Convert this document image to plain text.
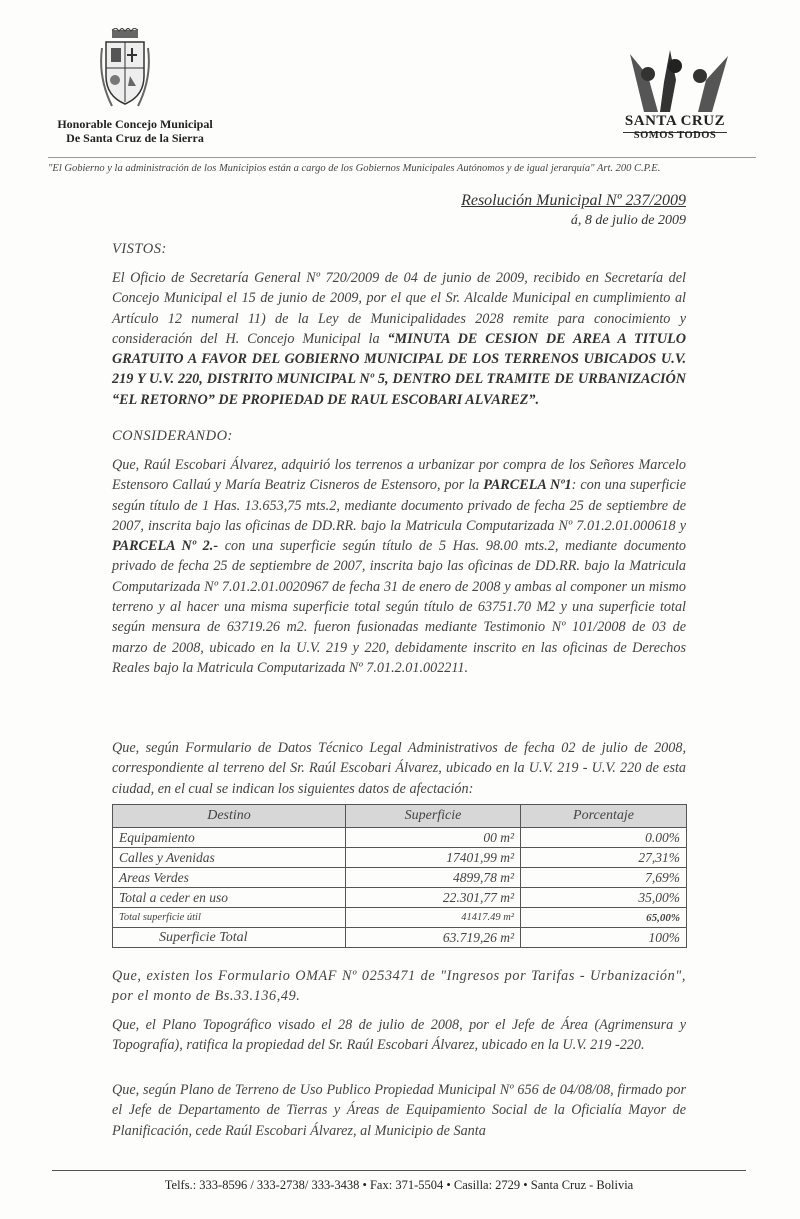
Honorable Concejo Municipal
De Santa Cruz de la Sierra
SANTA CRUZ
SOMOS TODOS
"El Gobierno y la administración de los Municipios están a cargo de los Gobiernos Municipales Autónomos y de igual jerarquía" Art. 200 C.P.E.
Resolución Municipal Nº 237/2009
á, 8 de julio de 2009
VISTOS:
El Oficio de Secretaría General Nº 720/2009 de 04 de junio de 2009, recibido en Secretaría del Concejo Municipal el 15 de junio de 2009, por el que el Sr. Alcalde Municipal en cumplimiento al Artículo 12 numeral 11) de la Ley de Municipalidades 2028 remite para conocimiento y consideración del H. Concejo Municipal la “MINUTA DE CESION DE AREA A TITULO GRATUITO A FAVOR DEL GOBIERNO MUNICIPAL DE LOS TERRENOS UBICADOS U.V. 219 Y U.V. 220, DISTRITO MUNICIPAL Nº 5, DENTRO DEL TRAMITE DE URBANIZACIÓN “EL RETORNO” DE PROPIEDAD DE RAUL ESCOBARI ALVAREZ”.
CONSIDERANDO:
Que, Raúl Escobari Álvarez, adquirió los terrenos a urbanizar por compra de los Señores Marcelo Estensoro Callaú y María Beatriz Cisneros de Estensoro, por la PARCELA Nº1: con una superficie según título de 1 Has. 13.653,75 mts.2, mediante documento privado de fecha 25 de septiembre de 2007, inscrita bajo las oficinas de DD.RR. bajo la Matricula Computarizada Nº 7.01.2.01.000618 y PARCELA Nº 2.- con una superficie según título de 5 Has. 98.00 mts.2, mediante documento privado de fecha 25 de septiembre de 2007, inscrita bajo las oficinas de DD.RR. bajo la Matricula Computarizada Nº 7.01.2.01.0020967 de fecha 31 de enero de 2008 y ambas al componer un mismo terreno y al hacer una misma superficie total según título de 63751.70 M2 y una superficie total según mensura de 63719.26 m2. fueron fusionadas mediante Testimonio Nº 101/2008 de 03 de marzo de 2008, ubicado en la U.V. 219 y 220, debidamente inscrito en las oficinas de Derechos Reales bajo la Matricula Computarizada Nº 7.01.2.01.002211.
Que, según Formulario de Datos Técnico Legal Administrativos de fecha 02 de julio de 2008, correspondiente al terreno del Sr. Raúl Escobari Álvarez, ubicado en la U.V. 219 - U.V. 220 de esta ciudad, en el cual se indican los siguientes datos de afectación:
Destino	Superficie	Porcentaje
Equipamiento	00 m²	0.00%
Calles y Avenidas	17401,99 m²	27,31%
Areas Verdes	4899,78 m²	7,69%
Total a ceder en uso	22.301,77 m²	35,00%
Total superficie útil	41417.49 m²	65,00%
Superficie Total	63.719,26 m²	100%
Que, existen los Formulario OMAF Nº 0253471 de "Ingresos por Tarifas - Urbanización", por el monto de Bs.33.136,49.
Que, el Plano Topográfico visado el 28 de julio de 2008, por el Jefe de Área (Agrimensura y Topografía), ratifica la propiedad del Sr. Raúl Escobari Álvarez, ubicado en la U.V. 219 -220.
Que, según Plano de Terreno de Uso Publico Propiedad Municipal Nº 656 de 04/08/08, firmado por el Jefe de Departamento de Tierras y Áreas de Equipamiento Social de la Oficialía Mayor de Planificación, cede Raúl Escobari Álvarez, al Municipio de Santa
Telfs.: 333-8596 / 333-2738/ 333-3438 • Fax: 371-5504 • Casilla: 2729 • Santa Cruz - Bolivia
